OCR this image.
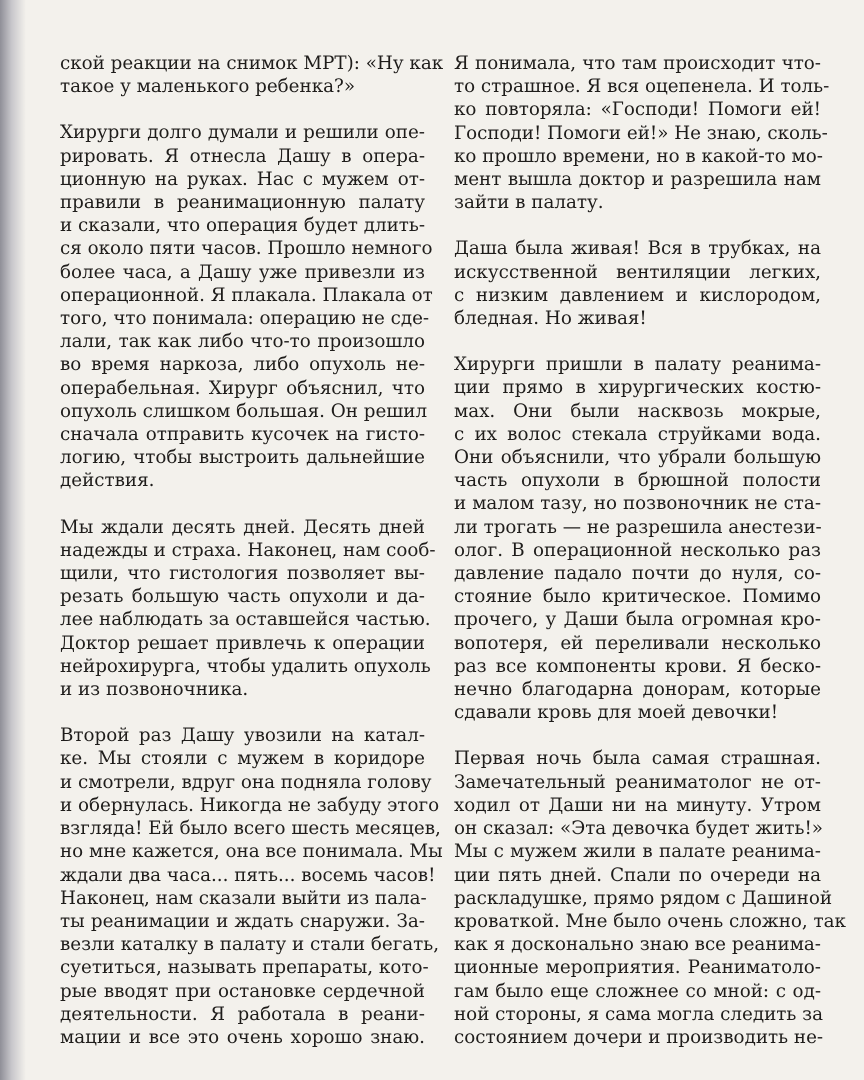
ской реакции на снимок МРТ): «Ну как
такое у маленького ребенка?»
Хирурги долго думали и решили опе-
рировать. Я отнесла Дашу в опера-
ционную на руках. Нас с мужем от-
правили в реанимационную палату
и сказали, что операция будет длить-
ся около пяти часов. Прошло немного
более часа, а Дашу уже привезли из
операционной. Я плакала. Плакала от
того, что понимала: операцию не сде-
лали, так как либо что-то произошло
во время наркоза, либо опухоль не-
операбельная. Хирург объяснил, что
опухоль слишком большая. Он решил
сначала отправить кусочек на гисто-
логию, чтобы выстроить дальнейшие
действия.
Мы ждали десять дней. Десять дней
надежды и страха. Наконец, нам сооб-
щили, что гистология позволяет вы-
резать большую часть опухоли и да-
лее наблюдать за оставшейся частью.
Доктор решает привлечь к операции
нейрохирурга, чтобы удалить опухоль
и из позвоночника.
Второй раз Дашу увозили на катал-
ке. Мы стояли с мужем в коридоре
и смотрели, вдруг она подняла голову
и обернулась. Никогда не забуду этого
взгляда! Ей было всего шесть месяцев,
но мне кажется, она все понимала. Мы
ждали два часа... пять... восемь часов!
Наконец, нам сказали выйти из пала-
ты реанимации и ждать снаружи. За-
везли каталку в палату и стали бегать,
суетиться, называть препараты, кото-
рые вводят при остановке сердечной
деятельности. Я работала в реани-
мации и все это очень хорошо знаю.
Я понимала, что там происходит что-
то страшное. Я вся оцепенела. И толь-
ко повторяла: «Господи! Помоги ей!
Господи! Помоги ей!» Не знаю, сколь-
ко прошло времени, но в какой-то мо-
мент вышла доктор и разрешила нам
зайти в палату.
Даша была живая! Вся в трубках, на
искусственной вентиляции легких,
с низким давлением и кислородом,
бледная. Но живая!
Хирурги пришли в палату реанима-
ции прямо в хирургических костю-
мах. Они были насквозь мокрые,
с их волос стекала струйками вода.
Они объяснили, что убрали большую
часть опухоли в брюшной полости
и малом тазу, но позвоночник не ста-
ли трогать — не разрешила анестези-
олог. В операционной несколько раз
давление падало почти до нуля, со-
стояние было критическое. Помимо
прочего, у Даши была огромная кро-
вопотеря, ей переливали несколько
раз все компоненты крови. Я беско-
нечно благодарна донорам, которые
сдавали кровь для моей девочки!
Первая ночь была самая страшная.
Замечательный реаниматолог не от-
ходил от Даши ни на минуту. Утром
он сказал: «Эта девочка будет жить!»
Мы с мужем жили в палате реанима-
ции пять дней. Спали по очереди на
раскладушке, прямо рядом с Дашиной
кроваткой. Мне было очень сложно, так
как я досконально знаю все реанима-
ционные мероприятия. Реаниматоло-
гам было еще сложнее со мной: с од-
ной стороны, я сама могла следить за
состоянием дочери и производить не-
